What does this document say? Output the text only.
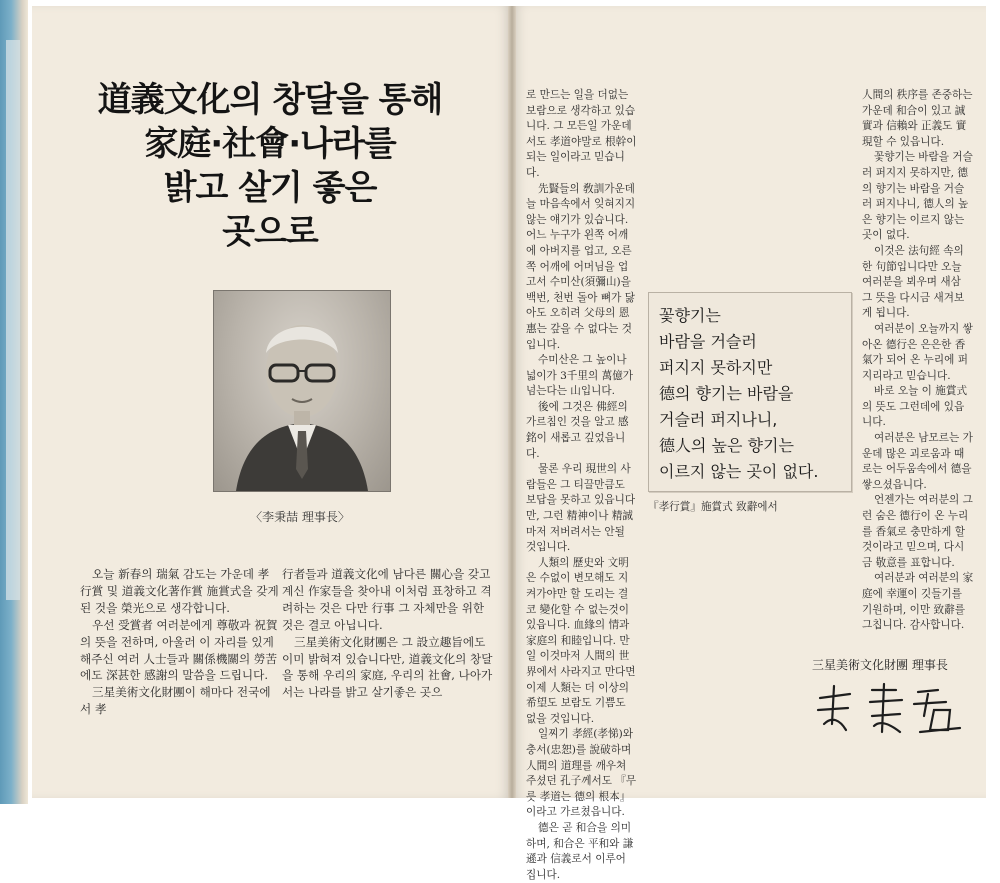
道義文化의 창달을 통해
家庭·社會·나라를
밝고 살기 좋은
곳으로
〈李秉喆 理事長〉

오늘 新春의 瑞氣 감도는 가운데 孝行賞 및 道義文化著作賞 施賞式을 갖게 된 것을 榮光으로 생각합니다.

우선 受賞者 여러분에게 尊敬과 祝賀의 뜻을 전하며, 아울러 이 자리를 있게 해주신 여러 人士들과 關係機關의 勞苦에도 深甚한 感謝의 말씀을 드립니다.

三星美術文化財團이 해마다 전국에서 孝

行者들과 道義文化에 남다른 關心을 갖고 계신 作家들을 찾아내 이처럼 표창하고 격려하는 것은 다만 行事 그 자체만을 위한 것은 결코 아닙니다.

三星美術文化財團은 그 設立趣旨에도 이미 밝혀져 있습니다만, 道義文化의 창달을 통해 우리의 家庭, 우리의 社會, 나아가서는 나라를 밝고 살기좋은 곳으

로 만드는 일을 더없는 보람으로 생각하고 있습니다. 그 모든일 가운데서도 孝道야말로 根幹이 되는 일이라고 믿습니다.

先賢들의 敎訓가운데 늘 마음속에서 잊혀지지 않는 얘기가 있습니다. 어느 누구가 왼쪽 어깨에 아버지를 업고, 오른쪽 어깨에 어머님을 업고서 수미산(須彌山)을 백번, 천번 돌아 뼈가 닳아도 오히려 父母의 恩惠는 갚을 수 없다는 것입니다.

수미산은 그 높이나 넓이가 3千里의 萬億가 넘는다는 山입니다.

後에 그것은 佛經의 가르침인 것을 알고 感銘이 새롭고 깊었읍니다.

물론 우리 現世의 사람들은 그 티끌만큼도 보답을 못하고 있읍니다만, 그런 精神이나 精誠마저 저버려서는 안될 것입니다.

人類의 歷史와 文明은 수없이 변모해도 지켜가야만 할 도리는 결코 變化할 수 없는것이 있읍니다. 血緣의 情과 家庭의 和睦입니다. 만일 이것마저 人間의 世界에서 사라지고 만다면 이제 人類는 더 이상의 希望도 보람도 기쁨도 없을 것입니다.

일찌기 孝經(孝悌)와 충서(忠恕)를 說破하며 人間의 道理를 깨우쳐 주셨던 孔子께서도 『무릇 孝道는 德의 根本』이라고 가르쳤읍니다.

德은 곧 和合을 의미하며, 和合은 平和와 謙遜과 信義로서 이루어 집니다.

人間의 秩序를 존중하는 가운데 和合이 있고 誠實과 信賴와 正義도 實現할 수 있읍니다.

꽃향기는 바람을 거슬러 퍼지지 못하지만, 德의 향기는 바람을 거슬러 퍼지나니, 德人의 높은 향기는 이르지 않는 곳이 없다.

이것은 法句經 속의 한 句節입니다만 오늘 여러분을 뵈우며 새삼 그 뜻을 다시금 새겨보게 됩니다.

여러분이 오늘까지 쌓아온 德行은 은은한 香氣가 되어 온 누리에 퍼지리라고 믿습니다.

바로 오늘 이 施賞式의 뜻도 그런데에 있읍니다.

여러분은 남모르는 가운데 많은 괴로움과 때로는 어두움속에서 德을 쌓으셨읍니다.

언젠가는 여러분의 그런 숨은 德行이 온 누리를 香氣로 충만하게 할것이라고 믿으며, 다시금 敬意를 표합니다.

여러분과 여러분의 家庭에 幸運이 깃들기를 기원하며, 이만 致辭를 그칩니다. 감사합니다.

『孝行賞』施賞式 致辭에서

꽃향기는
바람을 거슬러
퍼지지 못하지만
德의 향기는 바람을
거슬러 퍼지나니,
德人의 높은 향기는
이르지 않는 곳이 없다.
三星美術文化財團 理事長
